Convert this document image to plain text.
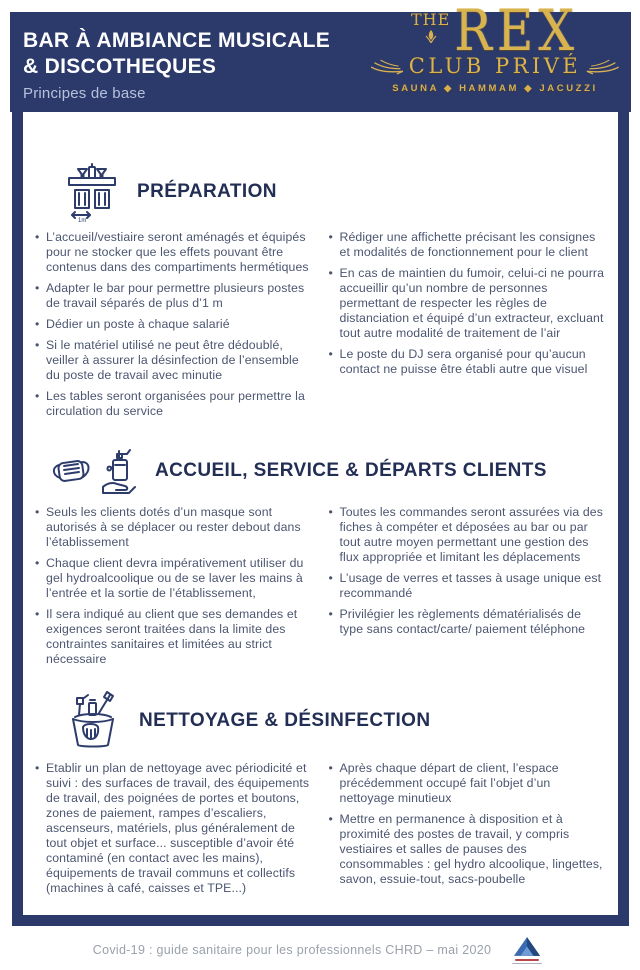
BAR À AMBIANCE MUSICALE
& DISCOTHEQUES
Principes de base
THE REX
CLUB PRIVÉ
SAUNA ◆ HAMMAM ◆ JACUZZI
1m
PRÉPARATION
• L’accueil/vestiaire seront aménagés et équipés pour ne stocker que les effets pouvant être contenus dans des compartiments hermétiques
• Adapter le bar pour permettre plusieurs postes de travail séparés de plus d’1 m
• Dédier un poste à chaque salarié
• Si le matériel utilisé ne peut être dédoublé, veiller à assurer la désinfection de l’ensemble du poste de travail avec minutie
• Les tables seront organisées pour permettre la circulation du service
• Rédiger une affichette précisant les consignes et modalités de fonctionnement pour le client
• En cas de maintien du fumoir, celui-ci ne pourra accueillir qu’un nombre de personnes permettant de respecter les règles de distanciation et équipé d’un extracteur, excluant tout autre modalité de traitement de l’air
• Le poste du DJ sera organisé pour qu’aucun contact ne puisse être établi autre que visuel
ACCUEIL, SERVICE & DÉPARTS CLIENTS
• Seuls les clients dotés d’un masque sont autorisés à se déplacer ou rester debout dans l’établissement
• Chaque client devra impérativement utiliser du gel hydroalcoolique ou de se laver les mains à l’entrée et la sortie de l’établissement,
• Il sera indiqué au client que ses demandes et exigences seront traitées dans la limite des contraintes sanitaires et limitées au strict nécessaire
• Toutes les commandes seront assurées via des fiches à compéter et déposées au bar ou par tout autre moyen permettant une gestion des flux appropriée et limitant les déplacements
• L’usage de verres et tasses à usage unique est recommandé
• Privilégier les règlements dématérialisés de type sans contact/carte/ paiement téléphone
NETTOYAGE & DÉSINFECTION
• Etablir un plan de nettoyage avec périodicité et suivi : des surfaces de travail, des équipements de travail, des poignées de portes et boutons, zones de paiement, rampes d’escaliers, ascenseurs, matériels, plus généralement de tout objet et surface... susceptible d’avoir été contaminé (en contact avec les mains), équipements de travail communs et collectifs (machines à café, caisses et TPE...)
• Après chaque départ de client, l’espace précédemment occupé fait l’objet d’un nettoyage minutieux
• Mettre en permanence à disposition et à proximité des postes de travail, y compris vestiaires et salles de pauses des consommables : gel hydro alcoolique, lingettes, savon, essuie-tout, sacs-poubelle
Covid-19 : guide sanitaire pour les professionnels CHRD – mai 2020
